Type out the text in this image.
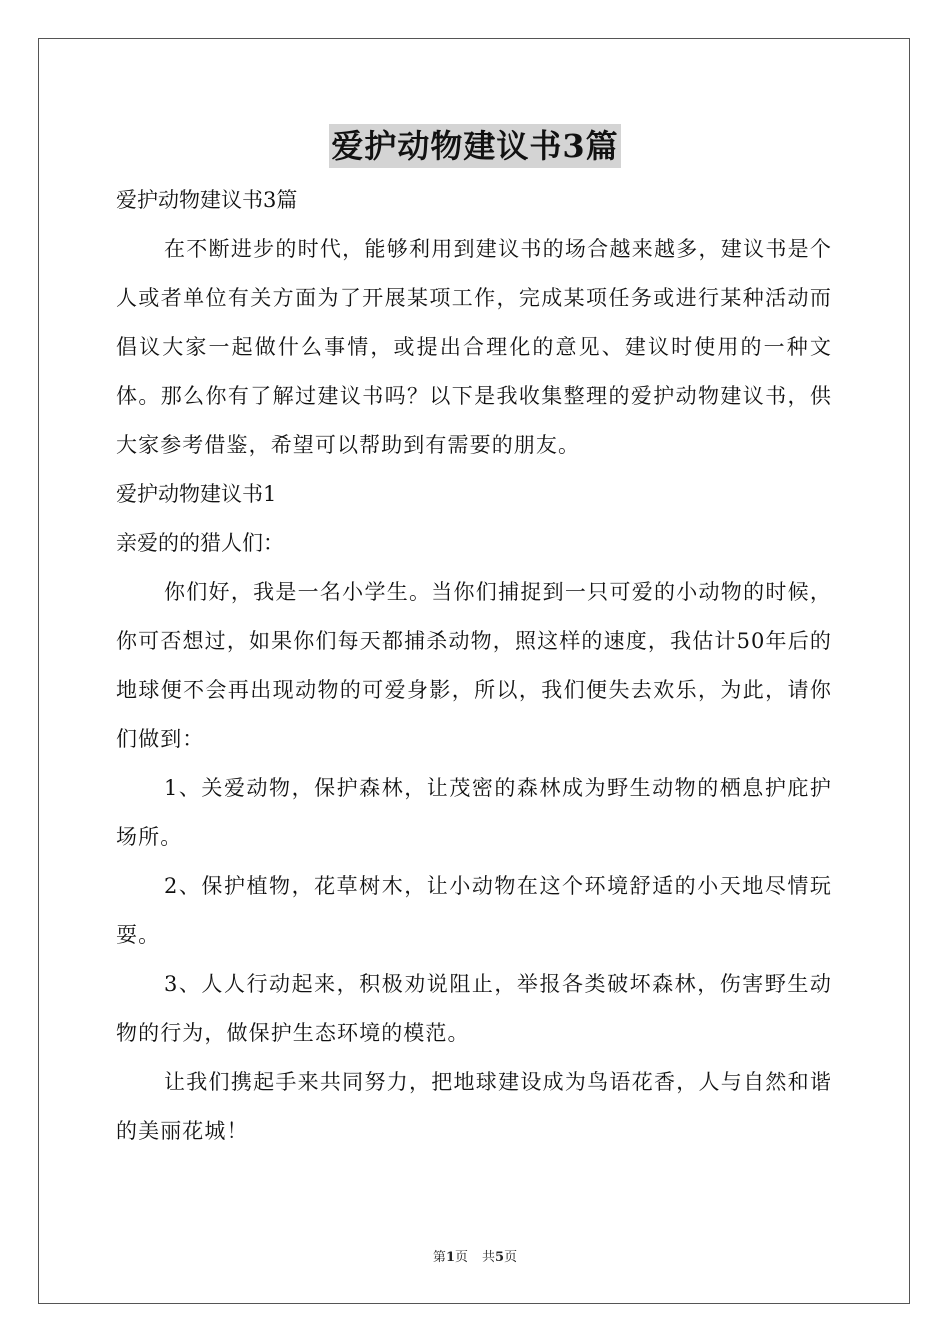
爱护动物建议书3篇

爱护动物建议书3篇

在不断进步的时代，能够利用到建议书的场合越来越多，建议书是个人或者单位有关方面为了开展某项工作，完成某项任务或进行某种活动而倡议大家一起做什么事情，或提出合理化的意见、建议时使用的一种文体。那么你有了解过建议书吗？以下是我收集整理的爱护动物建议书，供大家参考借鉴，希望可以帮助到有需要的朋友。

爱护动物建议书1

亲爱的的猎人们：

你们好，我是一名小学生。当你们捕捉到一只可爱的小动物的时候，你可否想过，如果你们每天都捕杀动物，照这样的速度，我估计50年后的地球便不会再出现动物的可爱身影，所以，我们便失去欢乐，为此，请你们做到：

1、关爱动物，保护森林，让茂密的森林成为野生动物的栖息护庇护场所。

2、保护植物，花草树木，让小动物在这个环境舒适的小天地尽情玩耍。

3、人人行动起来，积极劝说阻止，举报各类破坏森林，伤害野生动物的行为，做保护生态环境的模范。

让我们携起手来共同努力，把地球建设成为鸟语花香，人与自然和谐的美丽花城！

第1页 共5页
